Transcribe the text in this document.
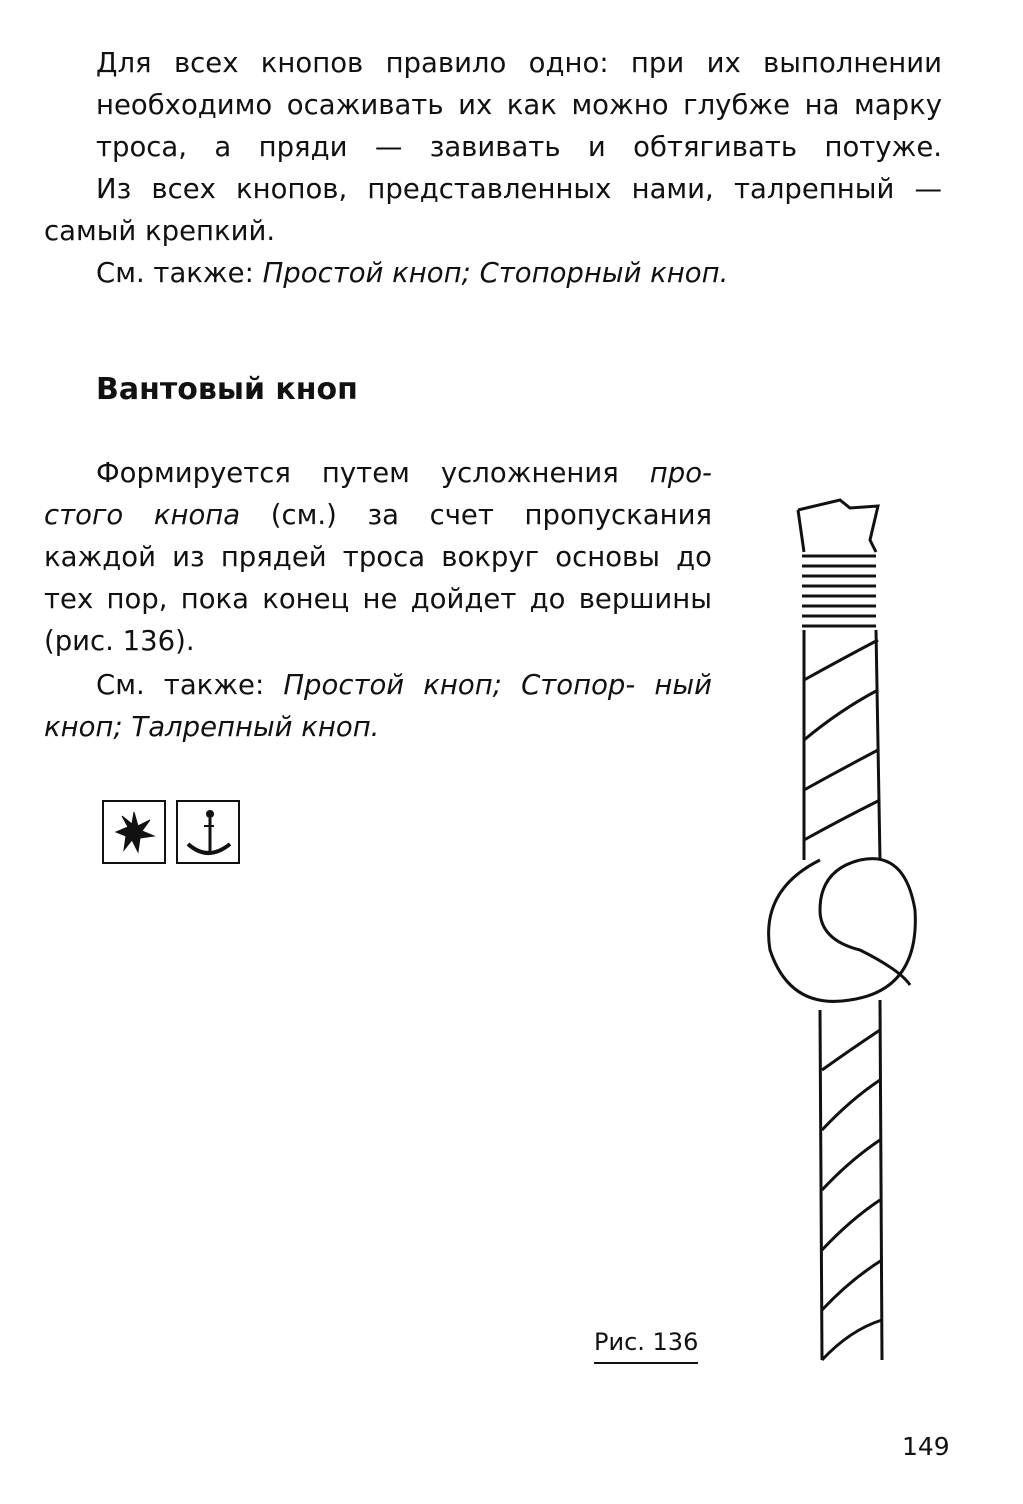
Для всех кнопов правило одно: при их выполнении необходимо осаживать их как можно глубже на марку троса, а пряди — завивать и обтягивать потуже.
Из всех кнопов, представленных нами, талрепный — самый крепкий.
См. также: Простой кноп; Стопорный кноп.
Вантовый кноп
Формируется путем усложнения про- стого кнопа (см.) за счет пропускания каждой из прядей троса вокруг основы до тех пор, пока конец не дойдет до вершины (рис. 136).
См. также: Простой кноп; Стопор- ный кноп; Талрепный кноп.
Рис. 136
149
